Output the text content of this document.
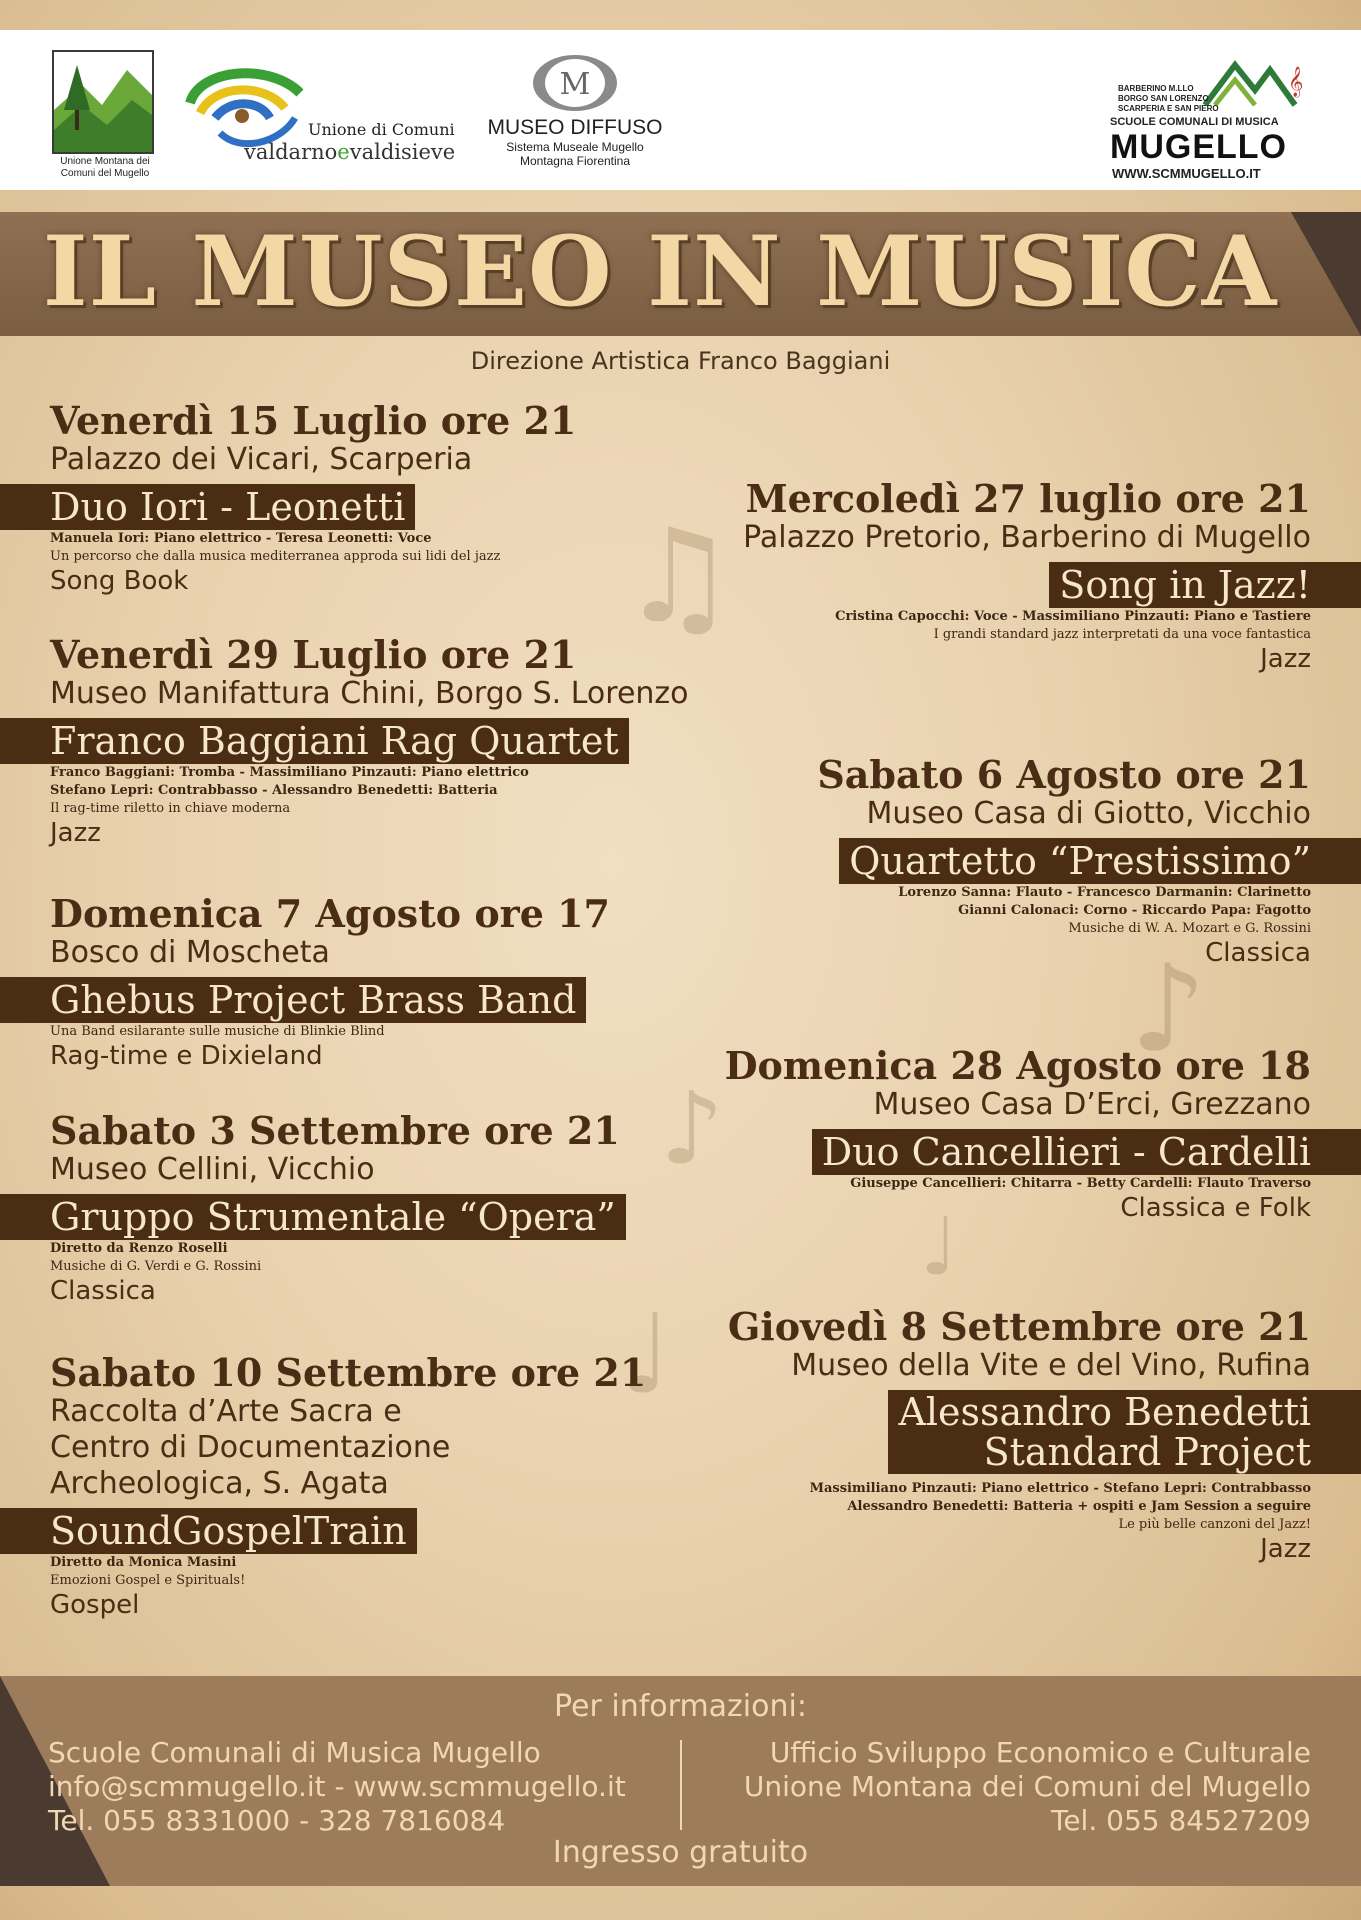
Unione Montana dei
Comuni del Mugello
Unione di Comuni
valdarnoevaldisieve
M
MUSEO DIFFUSO
Sistema Museale Mugello
Montagna Fiorentina
𝄞
BARBERINO M.LLO
BORGO SAN LORENZO
SCARPERIA E SAN PIERO
SCUOLE COMUNALI DI MUSICA
MUGELLO
WWW.SCMMUGELLO.IT
IL MUSEO IN MUSICA
Direzione Artistica Franco Baggiani
♫
♪
♪
♩
♩
Venerdì 15 Luglio ore 21
Palazzo dei Vicari, Scarperia
Duo Iori - Leonetti
Manuela Iori: Piano elettrico - Teresa Leonetti: Voce
Un percorso che dalla musica mediterranea approda sui lidi del jazz
Song Book
Venerdì 29 Luglio ore 21
Museo Manifattura Chini, Borgo S. Lorenzo
Franco Baggiani Rag Quartet
Franco Baggiani: Tromba - Massimiliano Pinzauti: Piano elettrico
Stefano Lepri: Contrabbasso - Alessandro Benedetti: Batteria
Il rag-time riletto in chiave moderna
Jazz
Domenica 7 Agosto ore 17
Bosco di Moscheta
Ghebus Project Brass Band
Una Band esilarante sulle musiche di Blinkie Blind
Rag-time e Dixieland
Sabato 3 Settembre ore 21
Museo Cellini, Vicchio
Gruppo Strumentale “Opera”
Diretto da Renzo Roselli
Musiche di G. Verdi e G. Rossini
Classica
Sabato 10 Settembre ore 21
Raccolta d’Arte Sacra e
Centro di Documentazione
Archeologica, S. Agata
SoundGospelTrain
Diretto da Monica Masini
Emozioni Gospel e Spirituals!
Gospel
Mercoledì 27 luglio ore 21
Palazzo Pretorio, Barberino di Mugello
Song in Jazz!
Cristina Capocchi: Voce - Massimiliano Pinzauti: Piano e Tastiere
I grandi standard jazz interpretati da una voce fantastica
Jazz
Sabato 6 Agosto ore 21
Museo Casa di Giotto, Vicchio
Quartetto “Prestissimo”
Lorenzo Sanna: Flauto - Francesco Darmanin: Clarinetto
Gianni Calonaci: Corno - Riccardo Papa: Fagotto
Musiche di W. A. Mozart e G. Rossini
Classica
Domenica 28 Agosto ore 18
Museo Casa D’Erci, Grezzano
Duo Cancellieri - Cardelli
Giuseppe Cancellieri: Chitarra - Betty Cardelli: Flauto Traverso
Classica e Folk
Giovedì 8 Settembre ore 21
Museo della Vite e del Vino, Rufina
Alessandro Benedetti
Standard Project
Massimiliano Pinzauti: Piano elettrico - Stefano Lepri: Contrabbasso
Alessandro Benedetti: Batteria + ospiti e Jam Session a seguire
Le più belle canzoni del Jazz!
Jazz
Per informazioni:
Scuole Comunali di Musica Mugello
info@scmmugello.it - www.scmmugello.it
Tel. 055 8331000 - 328 7816084
Ufficio Sviluppo Economico e Culturale
Unione Montana dei Comuni del Mugello
Tel. 055 84527209
Ingresso gratuito
